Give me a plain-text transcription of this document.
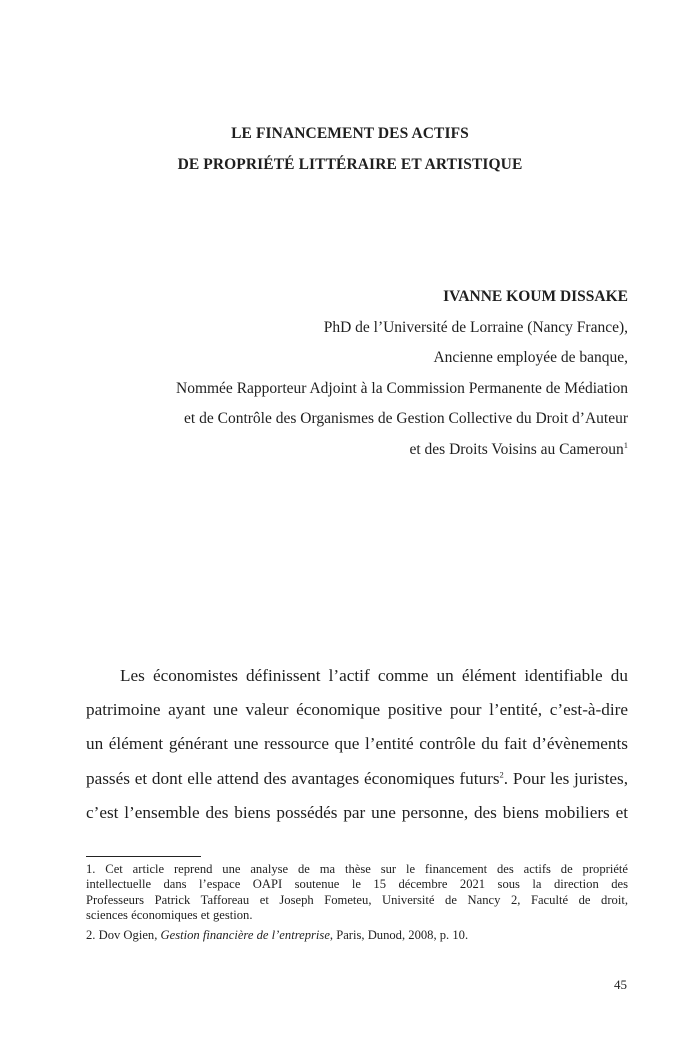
LE FINANCEMENT DES ACTIFS
DE PROPRIÉTÉ LITTÉRAIRE ET ARTISTIQUE
IVANNE KOUM DISSAKE
PhD de l’Université de Lorraine (Nancy France),
Ancienne employée de banque,
Nommée Rapporteur Adjoint à la Commission Permanente de Médiation
et de Contrôle des Organismes de Gestion Collective du Droit d’Auteur
et des Droits Voisins au Cameroun$^1$
Les économistes définissent l’actif comme un élément identifiable du
patrimoine ayant une valeur économique positive pour l’entité, c’est-à-dire
un élément générant une ressource que l’entité contrôle du fait d’évènements
passés et dont elle attend des avantages économiques futurs$^2$. Pour les juristes,
c’est l’ensemble des biens possédés par une personne, des biens mobiliers et
1. Cet article reprend une analyse de ma thèse sur le financement des actifs de propriété
intellectuelle dans l’espace OAPI soutenue le 15 décembre 2021 sous la direction des
Professeurs Patrick Tafforeau et Joseph Fometeu, Université de Nancy 2, Faculté de droit,
sciences économiques et gestion.
2. Dov Ogien, Gestion financière de l’entreprise, Paris, Dunod, 2008, p. 10.
45
